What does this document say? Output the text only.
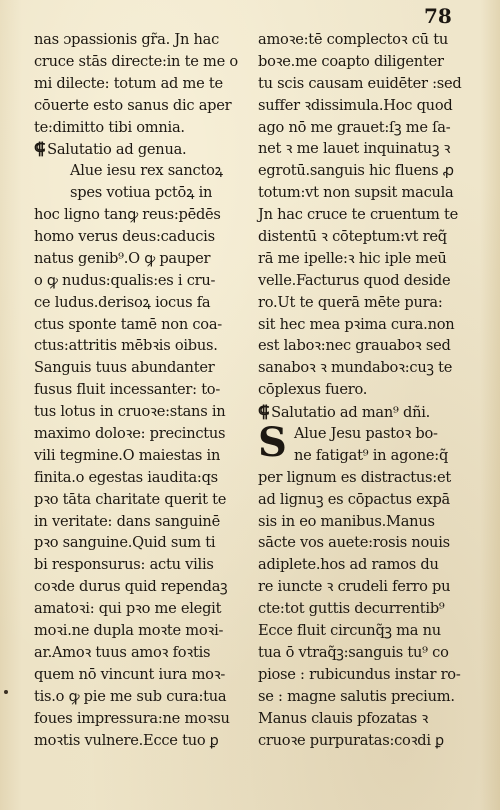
78
nas ɔpassionis gr̃a. Jn hac
cruce stās directe:in te me o
mi dilecte: totum ad me te
cōuerte esto sanus dic aper
te:dimitto tibi omnia.
⸿ Salutatio ad genua.
Alue iesu rex sanctoꝝ
spes votiua pctōꝝ in
hoc ligno tanꝙ reus:pēdēs
homo verus deus:caducis
natus genib⁹.O ꝙ pauper
o ꝙ nudus:qualis:es i cru-
ce ludus.derisoꝝ iocus fa
ctus sponte tamē non coa-
ctus:attritis mēbꝛis oibus.
Sanguis tuus abundanter
fusus fluit incessanter: to-
tus lotus in cruoꝛe:stans in
maximo doloꝛe: precinctus
vili tegmine.O maiestas in
finita.o egestas iaudita:qs
pꝛo tāta charitate querit te
in veritate: dans sanguinē
pꝛo sanguine.Quid sum ti
bi responsurus: actu vilis
coꝛde durus quid rependaꝫ
amatoꝛi: qui pꝛo me elegit
moꝛi.ne dupla moꝛte moꝛi-
ar.Amoꝛ tuus amoꝛ foꝛtis
quem nō vincunt iura moꝛ-
tis.o ꝙ pie me sub cura:tua
foues impressura:ne moꝛsu
moꝛtis vulnere.Ecce tuo ꝑ
amoꝛe:tē complectoꝛ cū tu
boꝛe.me coapto diligenter
tu scis causam euidēter :sed
suffer ꝛdissimula.Hoc quod
ago nō me grauet:ſꝫ me ſa-
net ꝛ me lauet inquinatuꝫ ꝛ
egrotū.sanguis hic fluens ꝓ
totum:vt non supsit macula
Jn hac cruce te cruentum te
distentū ꝛ cōteptum:vt req̃
rā me ipelle:ꝛ hic iple meū
velle.Facturus quod deside
ro.Ut te querā mēte pura:
sit hec mea pꝛima cura.non
est laboꝛ:nec grauaboꝛ sed
sanaboꝛ ꝛ mundaboꝛ:cuꝫ te
cōplexus fuero.
⸿ Salutatio ad man⁹ dñi.
S Alue Jesu pastoꝛ bo-
ne fatigat⁹ in agone:q̃
per lignum es distractus:et
ad lignuꝫ es cōpactus expā
sis in eo manibus.Manus
sācte vos auete:rosis nouis
adiplete.hos ad ramos du
re iuncte ꝛ crudeli ferro pu
cte:tot guttis decurrentib⁹
Ecce fluit circunq̃ꝫ ma nu
tua ō vtraq̃ꝫ:sanguis tu⁹ co
piose : rubicundus instar ro-
se : magne salutis precium.
Manus clauis pfozatas ꝛ
cruoꝛe purpuratas:coꝛdi ꝑ
